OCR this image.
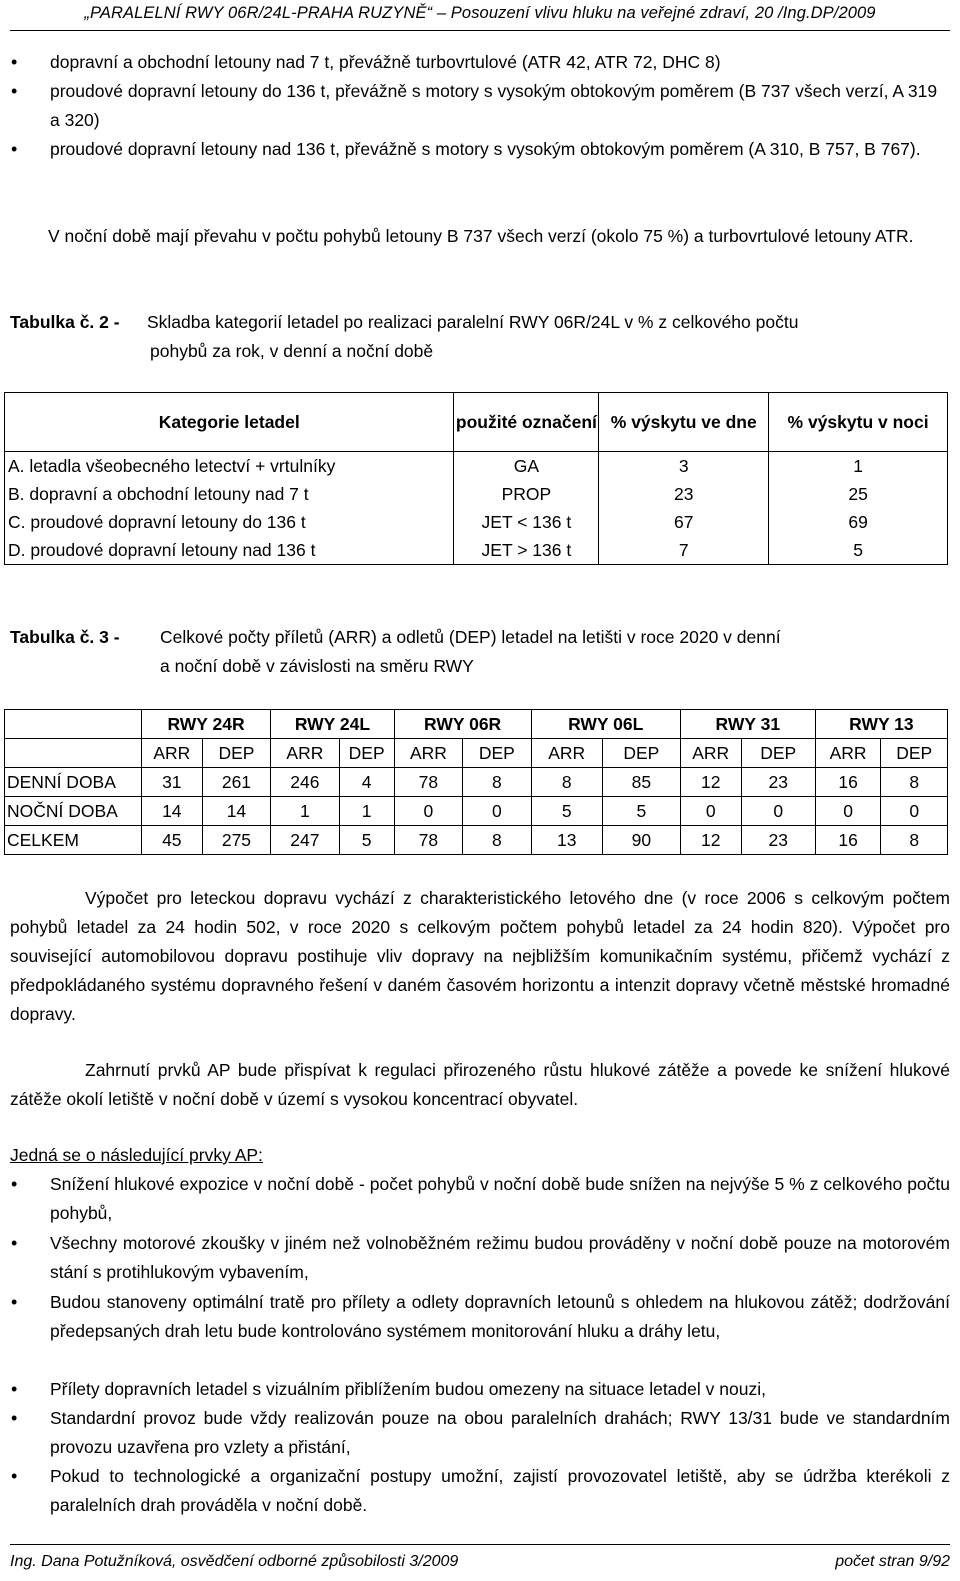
„PARALELNÍ RWY 06R/24L-PRAHA RUZYNĚ“ – Posouzení vlivu hluku na veřejné zdraví, 20 /Ing.DP/2009
• dopravní a obchodní letouny nad 7 t, převážně turbovrtulové (ATR 42, ATR 72, DHC 8)
• proudové dopravní letouny do 136 t, převážně s motory s vysokým obtokovým poměrem (B 737 všech verzí, A 319 a 320)
• proudové dopravní letouny nad 136 t, převážně s motory s vysokým obtokovým poměrem (A 310, B 757, B 767).
V noční době mají převahu v počtu pohybů letouny B 737 všech verzí (okolo 75 %) a turbovrtulové letouny ATR.
Tabulka č. 2 - Skladba kategorií letadel po realizaci paralelní RWY 06R/24L v % z celkového počtu
pohybů za rok, v denní a noční době
Kategorie letadel	použité označení	% výskytu ve dne	% výskytu v noci
A. letadla všeobecného letectví + vrtulníky	GA	3	1
B. dopravní a obchodní letouny nad 7 t	PROP	23	25
C. proudové dopravní letouny do 136 t	JET < 136 t	67	69
D. proudové dopravní letouny nad 136 t	JET > 136 t	7	5
Tabulka č. 3 - Celkové počty příletů (ARR) a odletů (DEP) letadel na letišti v roce 2020 v denní
a noční době v závislosti na směru RWY
	RWY 24R		RWY 24L		RWY 06R		RWY 06L		RWY 31		RWY 13	
	ARR	DEP	ARR	DEP	ARR	DEP	ARR	DEP	ARR	DEP	ARR	DEP
DENNÍ DOBA	31	261	246	4	78	8	8	85	12	23	16	8
NOČNÍ DOBA	14	14	1	1	0	0	5	5	0	0	0	0
CELKEM	45	275	247	5	78	8	13	90	12	23	16	8
Výpočet pro leteckou dopravu vychází z charakteristického letového dne (v roce 2006 s celkovým počtem pohybů letadel za 24 hodin 502, v roce 2020 s celkovým počtem pohybů letadel za 24 hodin 820). Výpočet pro související automobilovou dopravu postihuje vliv dopravy na nejbližším komunikačním systému, přičemž vychází z předpokládaného systému dopravného řešení v daném časovém horizontu a intenzit dopravy včetně městské hromadné dopravy.
Zahrnutí prvků AP bude přispívat k regulaci přirozeného růstu hlukové zátěže a povede ke snížení hlukové zátěže okolí letiště v noční době v území s vysokou koncentrací obyvatel.
Jedná se o následující prvky AP:
• Snížení hlukové expozice v noční době - počet pohybů v noční době bude snížen na nejvýše 5 % z celkového počtu pohybů,
• Všechny motorové zkoušky v jiném než volnoběžném režimu budou prováděny v noční době pouze na motorovém stání s protihlukovým vybavením,
• Budou stanoveny optimální tratě pro přílety a odlety dopravních letounů s ohledem na hlukovou zátěž; dodržování předepsaných drah letu bude kontrolováno systémem monitorování hluku a dráhy letu,
• Přílety dopravních letadel s vizuálním přiblížením budou omezeny na situace letadel v nouzi,
• Standardní provoz bude vždy realizován pouze na obou paralelních drahách; RWY 13/31 bude ve standardním provozu uzavřena pro vzlety a přistání,
• Pokud to technologické a organizační postupy umožní, zajistí provozovatel letiště, aby se údržba kterékoli z paralelních drah prováděla v noční době.
Ing. Dana Potužníková, osvědčení odborné způsobilosti 3/2009	počet stran 9/92
